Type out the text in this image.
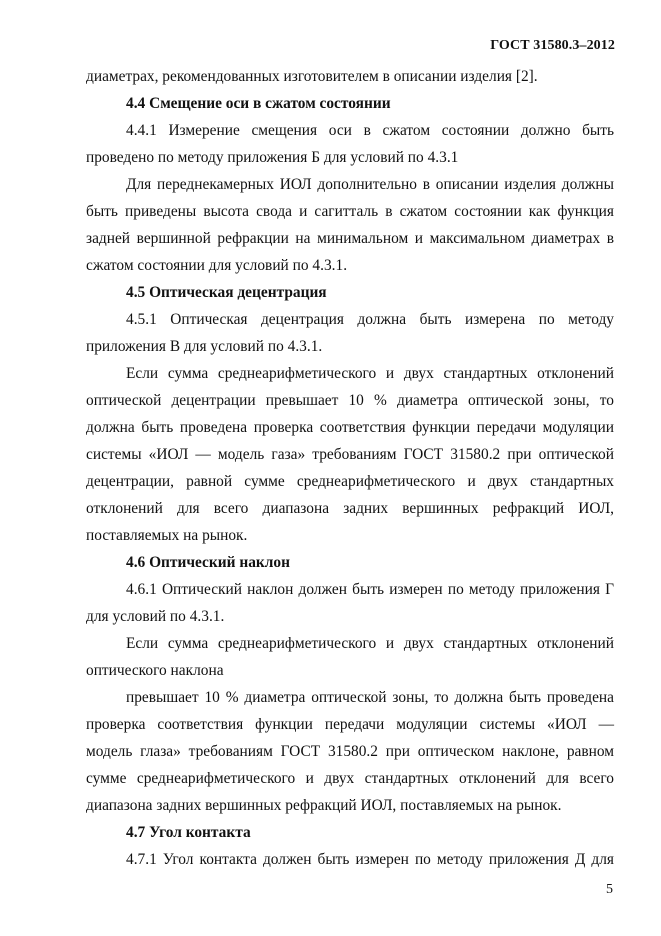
ГОСТ 31580.3–2012
диаметрах, рекомендованных изготовителем в описании изделия [2].
4.4 Смещение оси в сжатом состоянии
4.4.1 Измерение смещения оси в сжатом состоянии должно быть
проведено по методу приложения Б для условий по 4.3.1
Для переднекамерных ИОЛ дополнительно в описании изделия должны
быть приведены высота свода и сагитталь в сжатом состоянии как функция
задней вершинной рефракции на минимальном и максимальном диаметрах в
сжатом состоянии для условий по 4.3.1.
4.5 Оптическая децентрация
4.5.1 Оптическая децентрация должна быть измерена по методу
приложения В для условий по 4.3.1.
Если сумма среднеарифметического и двух стандартных отклонений
оптической децентрации превышает 10 % диаметра оптической зоны, то
должна быть проведена проверка соответствия функции передачи модуляции
системы «ИОЛ — модель газа» требованиям ГОСТ 31580.2 при оптической
децентрации, равной сумме среднеарифметического и двух стандартных
отклонений для всего диапазона задних вершинных рефракций ИОЛ,
поставляемых на рынок.
4.6 Оптический наклон
4.6.1 Оптический наклон должен быть измерен по методу приложения Г
для условий по 4.3.1.
Если сумма среднеарифметического и двух стандартных отклонений
оптического наклона
превышает 10 % диаметра оптической зоны, то должна быть проведена
проверка соответствия функции передачи модуляции системы «ИОЛ —
модель глаза» требованиям ГОСТ 31580.2 при оптическом наклоне, равном
сумме среднеарифметического и двух стандартных отклонений для всего
диапазона задних вершинных рефракций ИОЛ, поставляемых на рынок.
4.7 Угол контакта
4.7.1 Угол контакта должен быть измерен по методу приложения Д для
5
